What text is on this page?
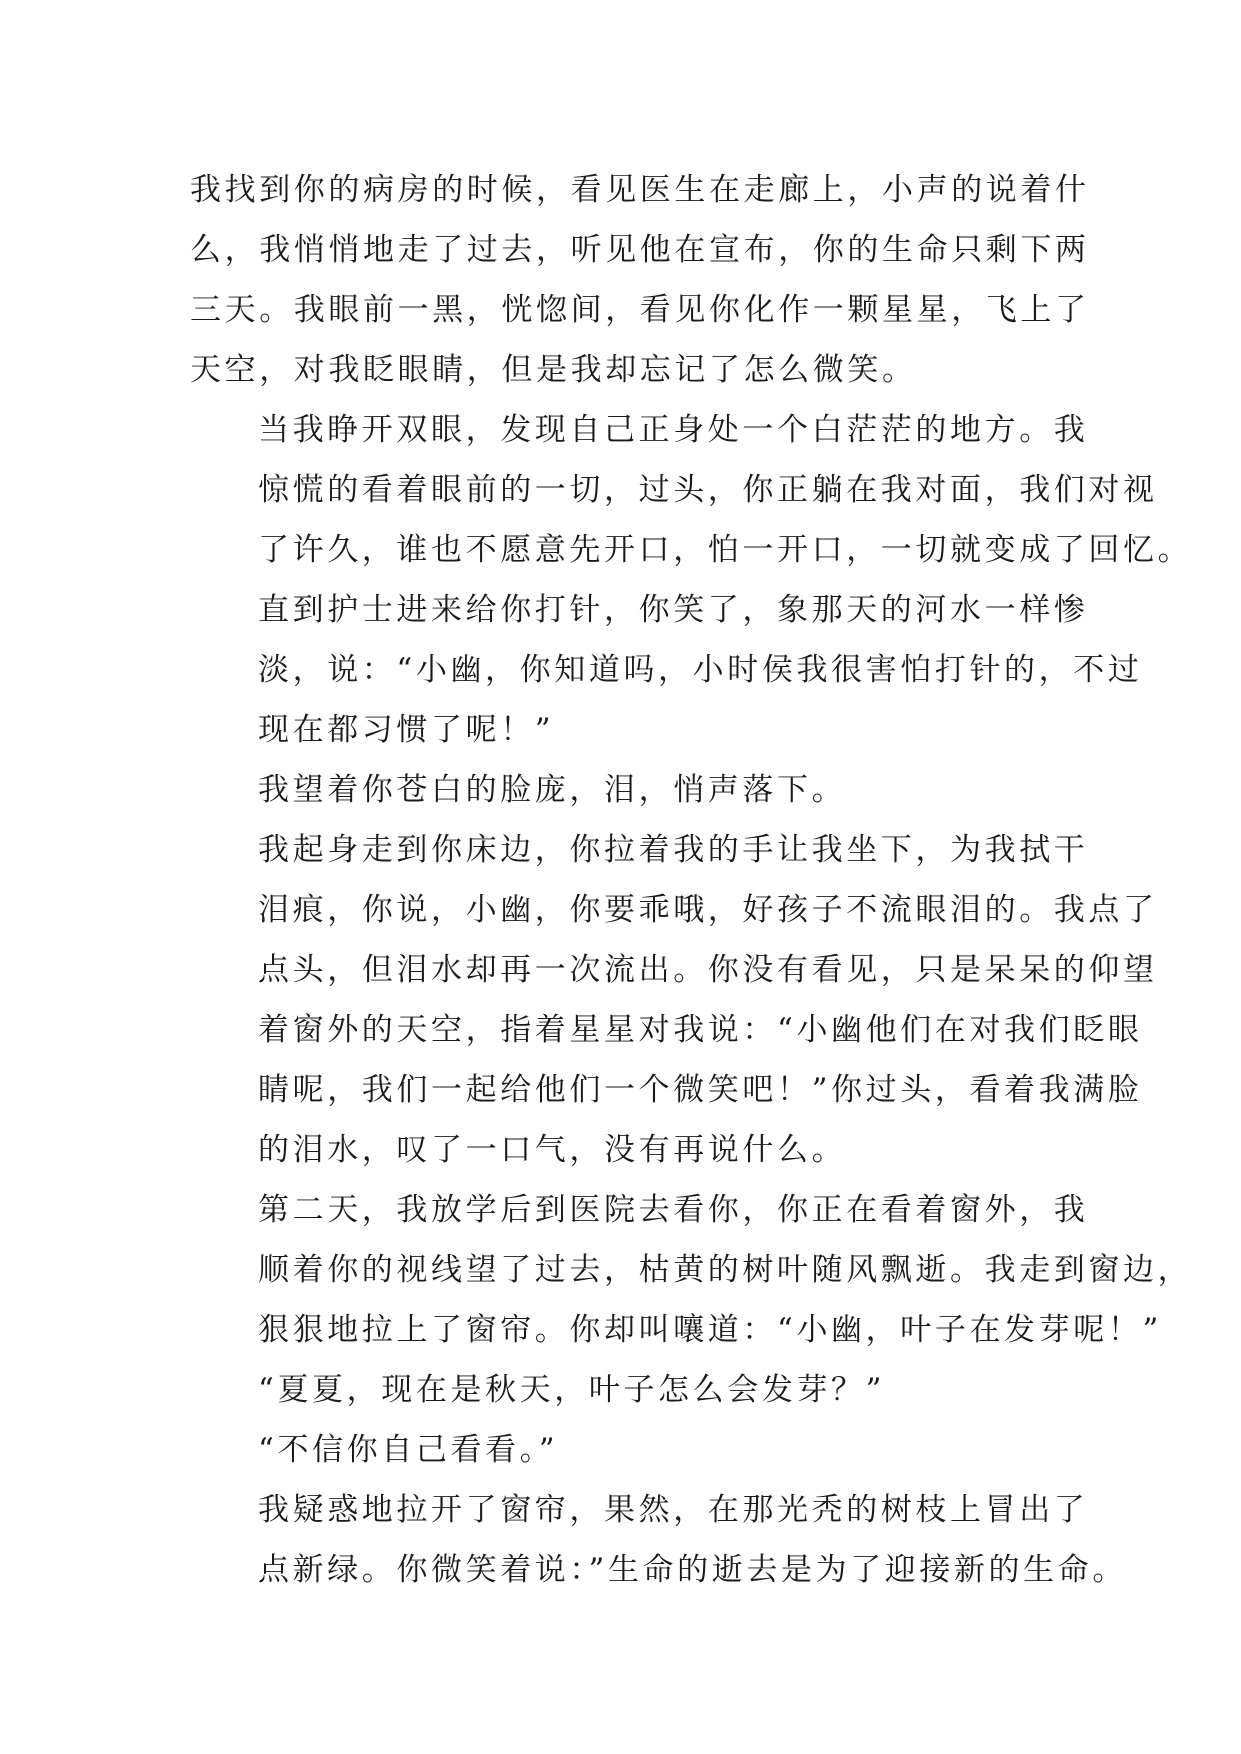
我找到你的病房的时候，看见医生在走廊上，小声的说着什
么，我悄悄地走了过去，听见他在宣布，你的生命只剩下两
三天。我眼前一黑，恍惚间，看见你化作一颗星星，飞上了
天空，对我眨眼睛，但是我却忘记了怎么微笑。

当我睁开双眼，发现自己正身处一个白茫茫的地方。我
惊慌的看着眼前的一切，过头，你正躺在我对面，我们对视
了许久，谁也不愿意先开口，怕一开口，一切就变成了回忆。

直到护士进来给你打针，你笑了，象那天的河水一样惨
淡，说：“小幽，你知道吗，小时侯我很害怕打针的，不过
现在都习惯了呢！”

我望着你苍白的脸庞，泪，悄声落下。

我起身走到你床边，你拉着我的手让我坐下，为我拭干
泪痕，你说，小幽，你要乖哦，好孩子不流眼泪的。我点了
点头，但泪水却再一次流出。你没有看见，只是呆呆的仰望
着窗外的天空，指着星星对我说：“小幽他们在对我们眨眼
睛呢，我们一起给他们一个微笑吧！”你过头，看着我满脸
的泪水，叹了一口气，没有再说什么。

第二天，我放学后到医院去看你，你正在看着窗外，我
顺着你的视线望了过去，枯黄的树叶随风飘逝。我走到窗边，
狠狠地拉上了窗帘。你却叫嚷道：“小幽，叶子在发芽呢！”

“夏夏，现在是秋天，叶子怎么会发芽？”

“不信你自己看看。”

我疑惑地拉开了窗帘，果然，在那光秃的树枝上冒出了
点新绿。你微笑着说：”生命的逝去是为了迎接新的生命。
